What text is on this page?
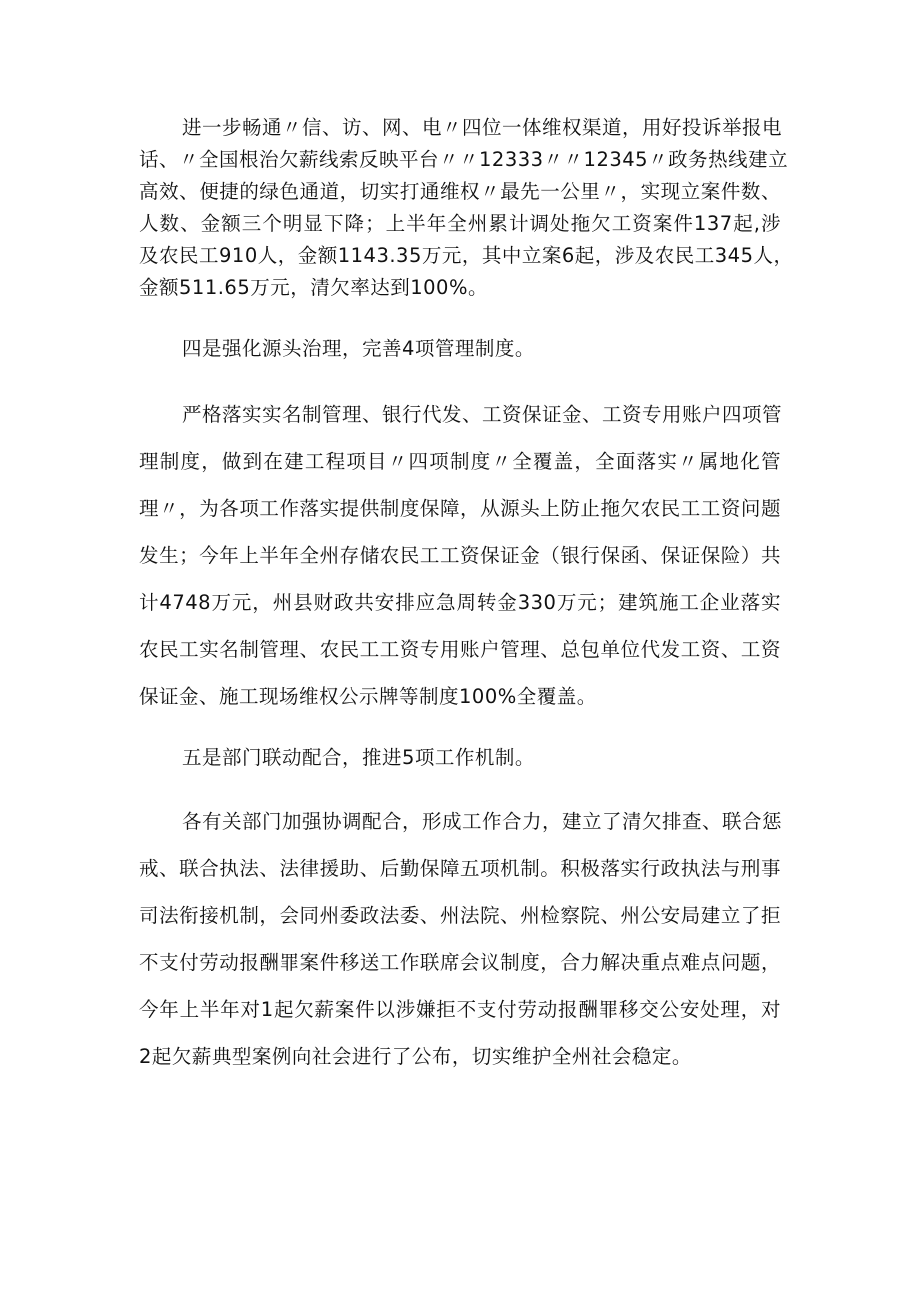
进一步畅通〃信、访、网、电〃四位一体维权渠道，用好投诉举报电
话、〃全国根治欠薪线索反映平台〃〃12333〃〃12345〃政务热线建立
高效、便捷的绿色通道，切实打通维权〃最先一公里〃，实现立案件数、
人数、金额三个明显下降；上半年全州累计调处拖欠工资案件137起,涉
及农民工910人，金额1143.35万元，其中立案6起，涉及农民工345人，
金额511.65万元，清欠率达到100%。
四是强化源头治理，完善4项管理制度。
严格落实实名制管理、银行代发、工资保证金、工资专用账户四项管
理制度，做到在建工程项目〃四项制度〃全覆盖，全面落实〃属地化管
理〃，为各项工作落实提供制度保障，从源头上防止拖欠农民工工资问题
发生；今年上半年全州存储农民工工资保证金（银行保函、保证保险）共
计4748万元，州县财政共安排应急周转金330万元；建筑施工企业落实
农民工实名制管理、农民工工资专用账户管理、总包单位代发工资、工资
保证金、施工现场维权公示牌等制度100%全覆盖。
五是部门联动配合，推进5项工作机制。
各有关部门加强协调配合，形成工作合力，建立了清欠排查、联合惩
戒、联合执法、法律援助、后勤保障五项机制。积极落实行政执法与刑事
司法衔接机制，会同州委政法委、州法院、州检察院、州公安局建立了拒
不支付劳动报酬罪案件移送工作联席会议制度，合力解决重点难点问题，
今年上半年对1起欠薪案件以涉嫌拒不支付劳动报酬罪移交公安处理，对
2起欠薪典型案例向社会进行了公布，切实维护全州社会稳定。
